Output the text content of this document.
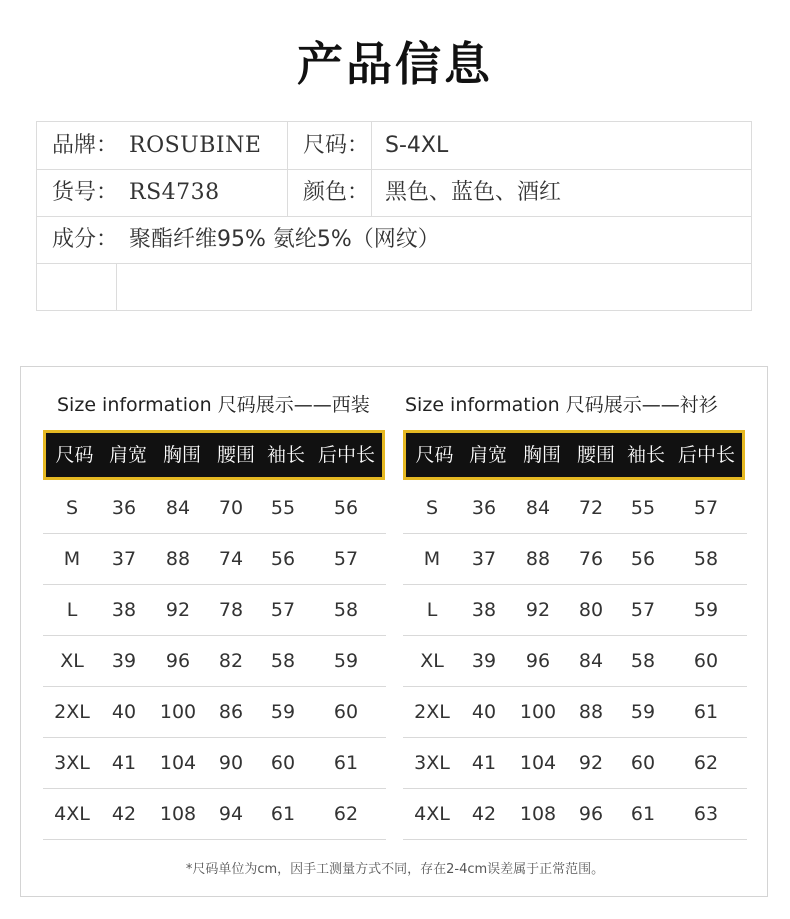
产品信息
品牌： ROSUBINE 尺码： S-4XL
货号： RS4738	颜色： 黑色、蓝色、酒红
成分： 聚酯纤维95% 氨纶5%（网纹）
Size information 尺码展示——西装 Size information 尺码展示——衬衫
尺码 肩宽 胸围 腰围 袖长 后中长	尺码 肩宽 胸围 腰围 袖长 后中长
S	36	84	70	55	56
M	37	88	74	56	57
L	38	92	78	57	58
XL	39	96	82	58	59
2XL	40	100	86	59	60
3XL	41	104	90	60	61
4XL	42	108	94	61	62
S	36	84	72	55	57
M	37	88	76	56	58
L	38	92	80	57	59
XL	39	96	84	58	60
2XL	40	100	88	59	61
3XL	41	104	92	60	62
4XL	42	108	96	61	63
*尺码单位为cm，因手工测量方式不同，存在2-4cm误差属于正常范围。
